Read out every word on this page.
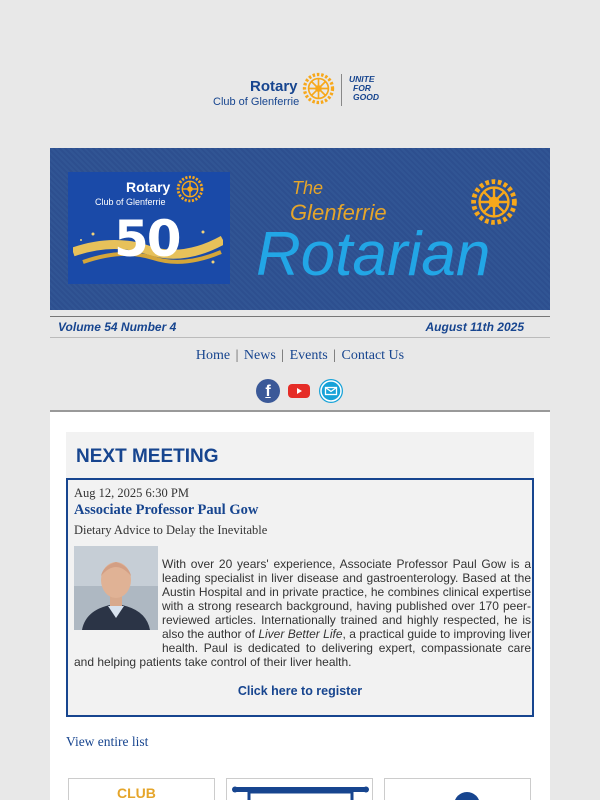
Rotary
Club of Glenferrie
UNITE
FOR
GOOD
Rotary
Club of Glenferrie
50
The
Glenferrie
Rotarian
Volume 54 Number 4	August 11th 2025
Home | News | Events | Contact Us
f
NEXT MEETING
Aug 12, 2025 6:30 PM
Associate Professor Paul Gow
Dietary Advice to Delay the Inevitable
With over 20 years' experience, Associate Professor Paul Gow is a leading specialist in liver disease and gastroenterology. Based at the Austin Hospital and in private practice, he combines clinical expertise with a strong research background, having published over 170 peer-reviewed articles. Internationally trained and highly respected, he is also the author of Liver Better Life, a practical guide to improving liver health. Paul is dedicated to delivering expert, compassionate care and helping patients take control of their liver health.
Click here to register
View entire list
CLUB
